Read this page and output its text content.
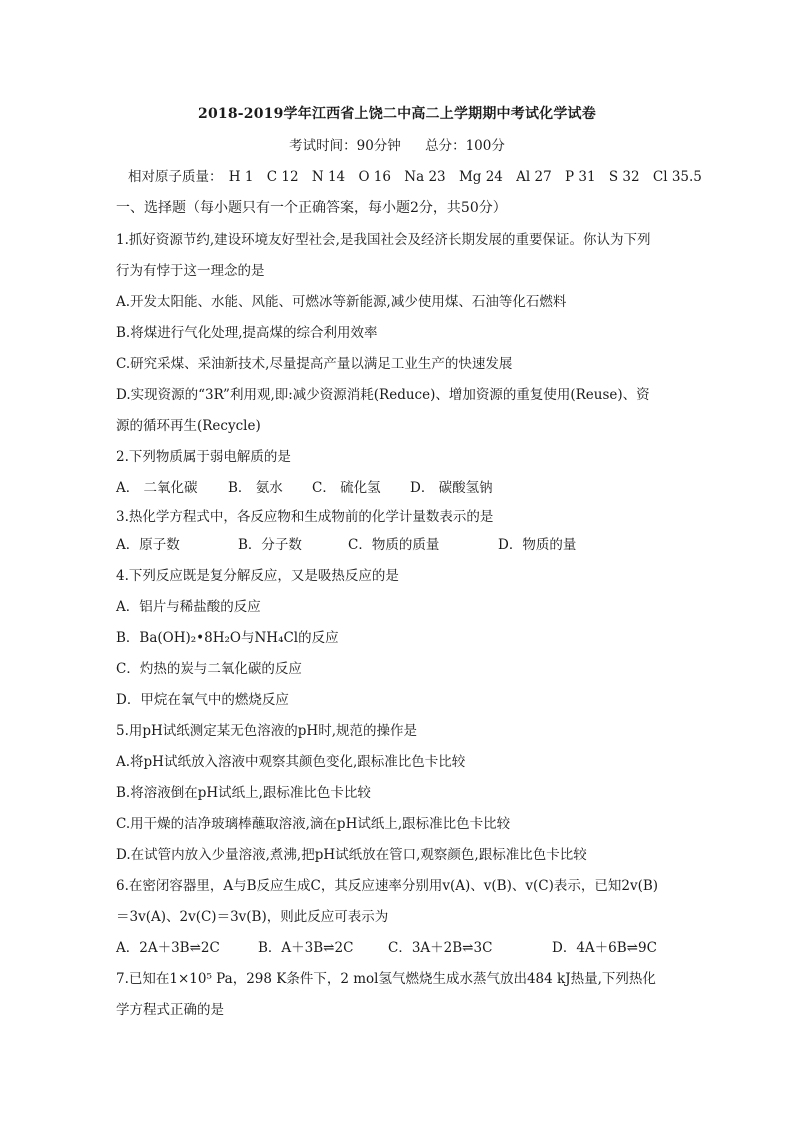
2018-2019学年江西省上饶二中高二上学期期中考试化学试卷
考试时间：90分钟 总分：100分
相对原子质量： H 1 C 12 N 14 O 16 Na 23 Mg 24 Al 27 P 31 S 32 Cl 35.5
一、选择题（每小题只有一个正确答案，每小题2分，共50分）
1.抓好资源节约,建设环境友好型社会,是我国社会及经济长期发展的重要保证。你认为下列
行为有悖于这一理念的是
A.开发太阳能、水能、风能、可燃冰等新能源,减少使用煤、石油等化石燃料
B.将煤进行气化处理,提高煤的综合利用效率
C.研究采煤、采油新技术,尽量提高产量以满足工业生产的快速发展
D.实现资源的“3R”利用观,即:减少资源消耗(Reduce)、增加资源的重复使用(Reuse)、资
源的循环再生(Recycle)
2.下列物质属于弱电解质的是
A． 二氧化碳	B． 氨水	C． 硫化氢	D． 碳酸氢钠
3.热化学方程式中，各反应物和生成物前的化学计量数表示的是
A．原子数	B．分子数	C．物质的质量	D．物质的量
4.下列反应既是复分解反应，又是吸热反应的是
A．铝片与稀盐酸的反应
B．Ba(OH)₂•8H₂O与NH₄Cl的反应
C．灼热的炭与二氧化碳的反应
D．甲烷在氧气中的燃烧反应
5.用pH试纸测定某无色溶液的pH时,规范的操作是
A.将pH试纸放入溶液中观察其颜色变化,跟标准比色卡比较
B.将溶液倒在pH试纸上,跟标准比色卡比较
C.用干燥的洁净玻璃棒蘸取溶液,滴在pH试纸上,跟标准比色卡比较
D.在试管内放入少量溶液,煮沸,把pH试纸放在管口,观察颜色,跟标准比色卡比较
6.在密闭容器里，A与B反应生成C，其反应速率分别用v(A)、v(B)、v(C)表示，已知2v(B)
＝3v(A)、2v(C)＝3v(B)，则此反应可表示为
A．2A＋3B⇌2C	B．A＋3B⇌2C	C．3A＋2B⇌3C	D．4A＋6B⇌9C
7.已知在1×10⁵ Pa，298 K条件下，2 mol氢气燃烧生成水蒸气放出484 kJ热量,下列热化
学方程式正确的是
